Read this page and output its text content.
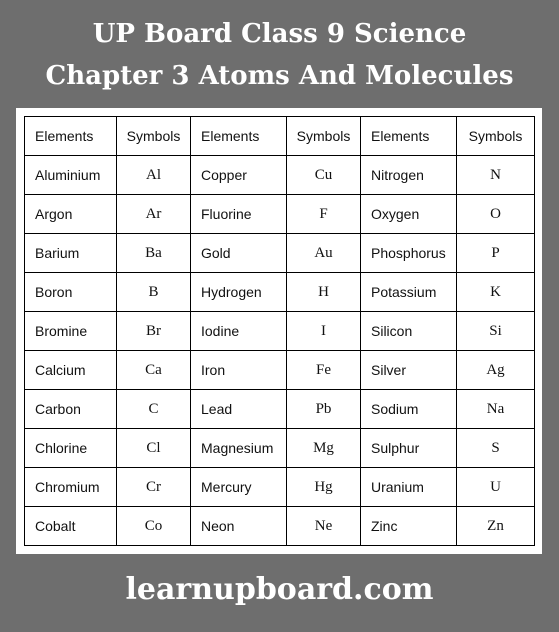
UP Board Class 9 Science
Chapter 3 Atoms And Molecules
Elements	Symbols	Elements	Symbols	Elements	Symbols
Aluminium	Al	Copper	Cu	Nitrogen	N
Argon	Ar	Fluorine	F	Oxygen	O
Barium	Ba	Gold	Au	Phosphorus	P
Boron	B	Hydrogen	H	Potassium	K
Bromine	Br	Iodine	I	Silicon	Si
Calcium	Ca	Iron	Fe	Silver	Ag
Carbon	C	Lead	Pb	Sodium	Na
Chlorine	Cl	Magnesium	Mg	Sulphur	S
Chromium	Cr	Mercury	Hg	Uranium	U
Cobalt	Co	Neon	Ne	Zinc	Zn
learnupboard.com
